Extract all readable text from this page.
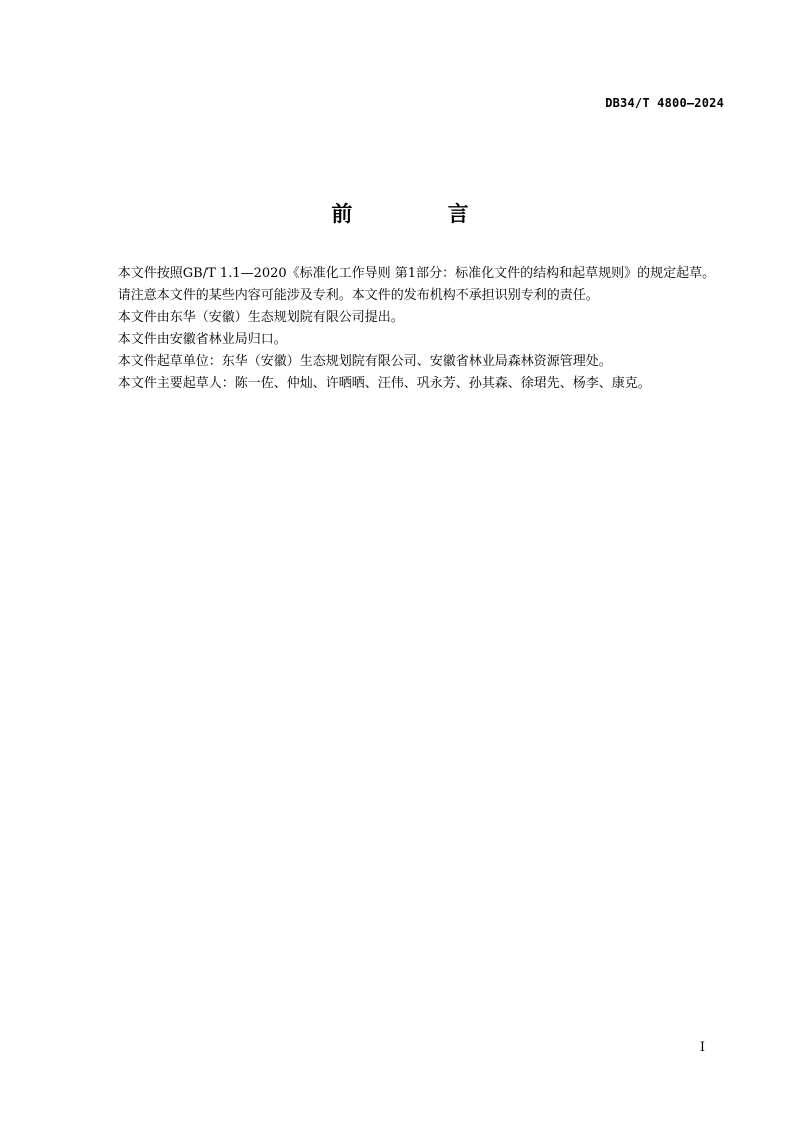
DB34/T 4800—2024
前 言

本文件按照GB/T 1.1—2020《标准化工作导则 第1部分：标准化文件的结构和起草规则》的规定起草。

请注意本文件的某些内容可能涉及专利。本文件的发布机构不承担识别专利的责任。

本文件由东华（安徽）生态规划院有限公司提出。

本文件由安徽省林业局归口。

本文件起草单位：东华（安徽）生态规划院有限公司、安徽省林业局森林资源管理处。

本文件主要起草人：陈一佐、仲灿、许晒晒、汪伟、巩永芳、孙其森、徐珺先、杨李、康克。

I
